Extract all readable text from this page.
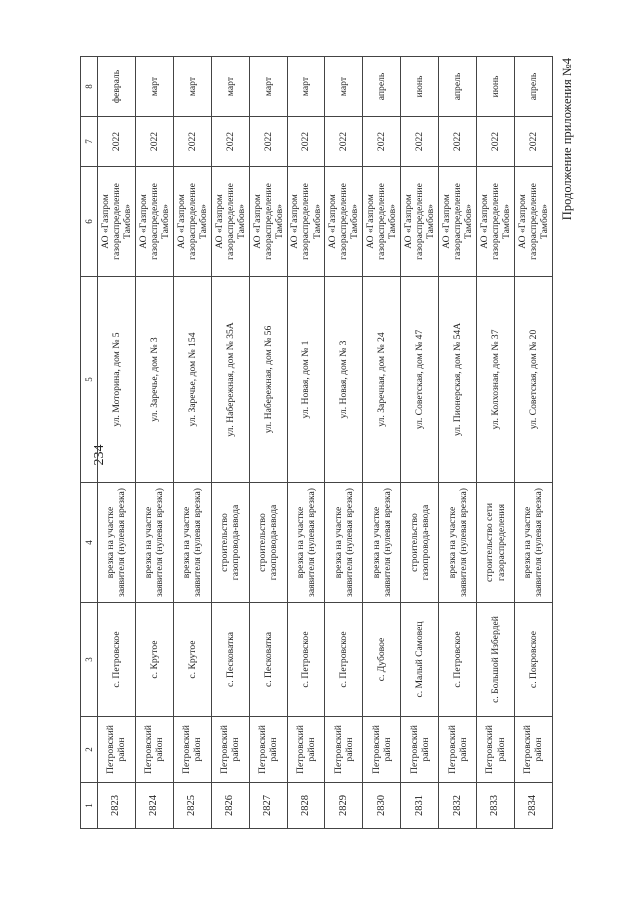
234
1	2	3	4	5	6	7	8
2823	Петровский район	с. Петровское	врезка на участке заявителя (нулевая врезка)	ул. Моторина, дом № 5	АО «Газпром газораспределение Тамбов»	2022	февраль
2824	Петровский район	с. Крутое	врезка на участке заявителя (нулевая врезка)	ул. Заречье, дом № 3	АО «Газпром газораспределение Тамбов»	2022	март
2825	Петровский район	с. Крутое	врезка на участке заявителя (нулевая врезка)	ул. Заречье, дом № 154	АО «Газпром газораспределение Тамбов»	2022	март
2826	Петровский район	с. Песковатка	строительство газопровода-ввода	ул. Набережная, дом № 35А	АО «Газпром газораспределение Тамбов»	2022	март
2827	Петровский район	с. Песковатка	строительство газопровода-ввода	ул. Набережная, дом № 56	АО «Газпром газораспределение Тамбов»	2022	март
2828	Петровский район	с. Петровское	врезка на участке заявителя (нулевая врезка)	ул. Новая, дом № 1	АО «Газпром газораспределение Тамбов»	2022	март
2829	Петровский район	с. Петровское	врезка на участке заявителя (нулевая врезка)	ул. Новая, дом № 3	АО «Газпром газораспределение Тамбов»	2022	март
2830	Петровский район	с. Дубовое	врезка на участке заявителя (нулевая врезка)	ул. Заречная, дом № 24	АО «Газпром газораспределение Тамбов»	2022	апрель
2831	Петровский район	с. Малый Самовец	строительство газопровода-ввода	ул. Советская, дом № 47	АО «Газпром газораспределение Тамбов»	2022	июнь
2832	Петровский район	с. Петровское	врезка на участке заявителя (нулевая врезка)	ул. Пионерская, дом № 54А	АО «Газпром газораспределение Тамбов»	2022	апрель
2833	Петровский район	с. Большой Избердей	строительство сети газораспределения	ул. Колхозная, дом № 37	АО «Газпром газораспределение Тамбов»	2022	июнь
2834	Петровский район	с. Покровское	врезка на участке заявителя (нулевая врезка)	ул. Советская, дом № 20	АО «Газпром газораспределение Тамбов»	2022	апрель Продолжение приложения №4
